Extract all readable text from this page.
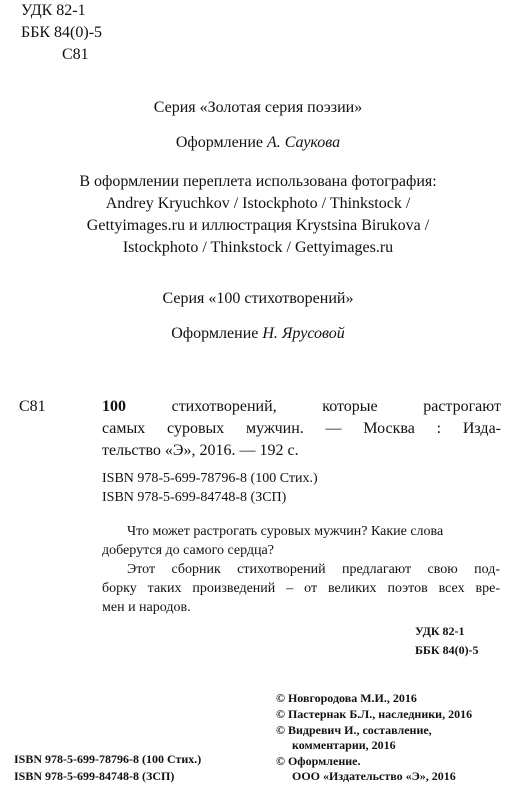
УДК 82-1
ББК 84(0)-5
С81
Серия «Золотая серия поэзии»
Оформление А. Саукова
В оформлении переплета использована фотография:
Andrey Kryuchkov / Istockphoto / Thinkstock /
Gettyimages.ru и иллюстрация Krystsina Birukova /
Istockphoto / Thinkstock / Gettyimages.ru
Серия «100 стихотворений»
Оформление Н. Ярусовой
С81	100 стихотворений, которые растрогают
самых суровых мужчин. — Москва : Изда-
тельство «Э», 2016. — 192 с.
ISBN 978-5-699-78796-8 (100 Стих.)
ISBN 978-5-699-84748-8 (ЗСП)
Что может растрогать суровых мужчин? Какие слова
доберутся до самого сердца?
Этот сборник стихотворений предлагают свою под-
борку таких произведений – от великих поэтов всех вре-
мен и народов.
УДК 82-1
ББК 84(0)-5
ISBN 978-5-699-78796-8 (100 Стих.)
ISBN 978-5-699-84748-8 (ЗСП)
© Новгородова М.И., 2016
© Пастернак Б.Л., наследники, 2016
© Видревич И., составление,
комментарии, 2016
© Оформление.
ООО «Издательство «Э», 2016
